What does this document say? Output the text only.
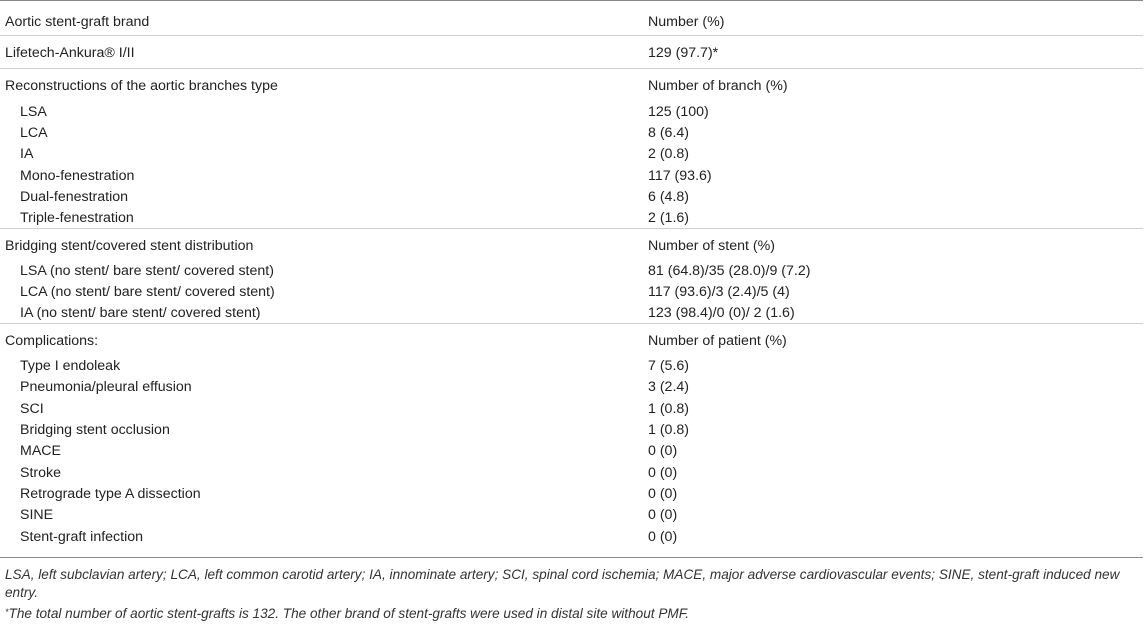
Aortic stent-graft brand	Number (%)
Lifetech-Ankura® I/II	129 (97.7)*
Reconstructions of the aortic branches type	Number of branch (%)
LSA	125 (100)
LCA	8 (6.4)
IA	2 (0.8)
Mono-fenestration	117 (93.6)
Dual-fenestration	6 (4.8)
Triple-fenestration	2 (1.6)
Bridging stent/covered stent distribution	Number of stent (%)
LSA (no stent/ bare stent/ covered stent)	81 (64.8)/35 (28.0)/9 (7.2)
LCA (no stent/ bare stent/ covered stent)	117 (93.6)/3 (2.4)/5 (4)
IA (no stent/ bare stent/ covered stent)	123 (98.4)/0 (0)/ 2 (1.6)
Complications:	Number of patient (%)
Type I endoleak	7 (5.6)
Pneumonia/pleural effusion	3 (2.4)
SCI	1 (0.8)
Bridging stent occlusion	1 (0.8)
MACE	0 (0)
Stroke	0 (0)
Retrograde type A dissection	0 (0)
SINE	0 (0)
Stent-graft infection	0 (0)

LSA, left subclavian artery; LCA, left common carotid artery; IA, innominate artery; SCI, spinal cord ischemia; MACE, major adverse cardiovascular events; SINE, stent-graft induced new entry.

*The total number of aortic stent-grafts is 132. The other brand of stent-grafts were used in distal site without PMF.
